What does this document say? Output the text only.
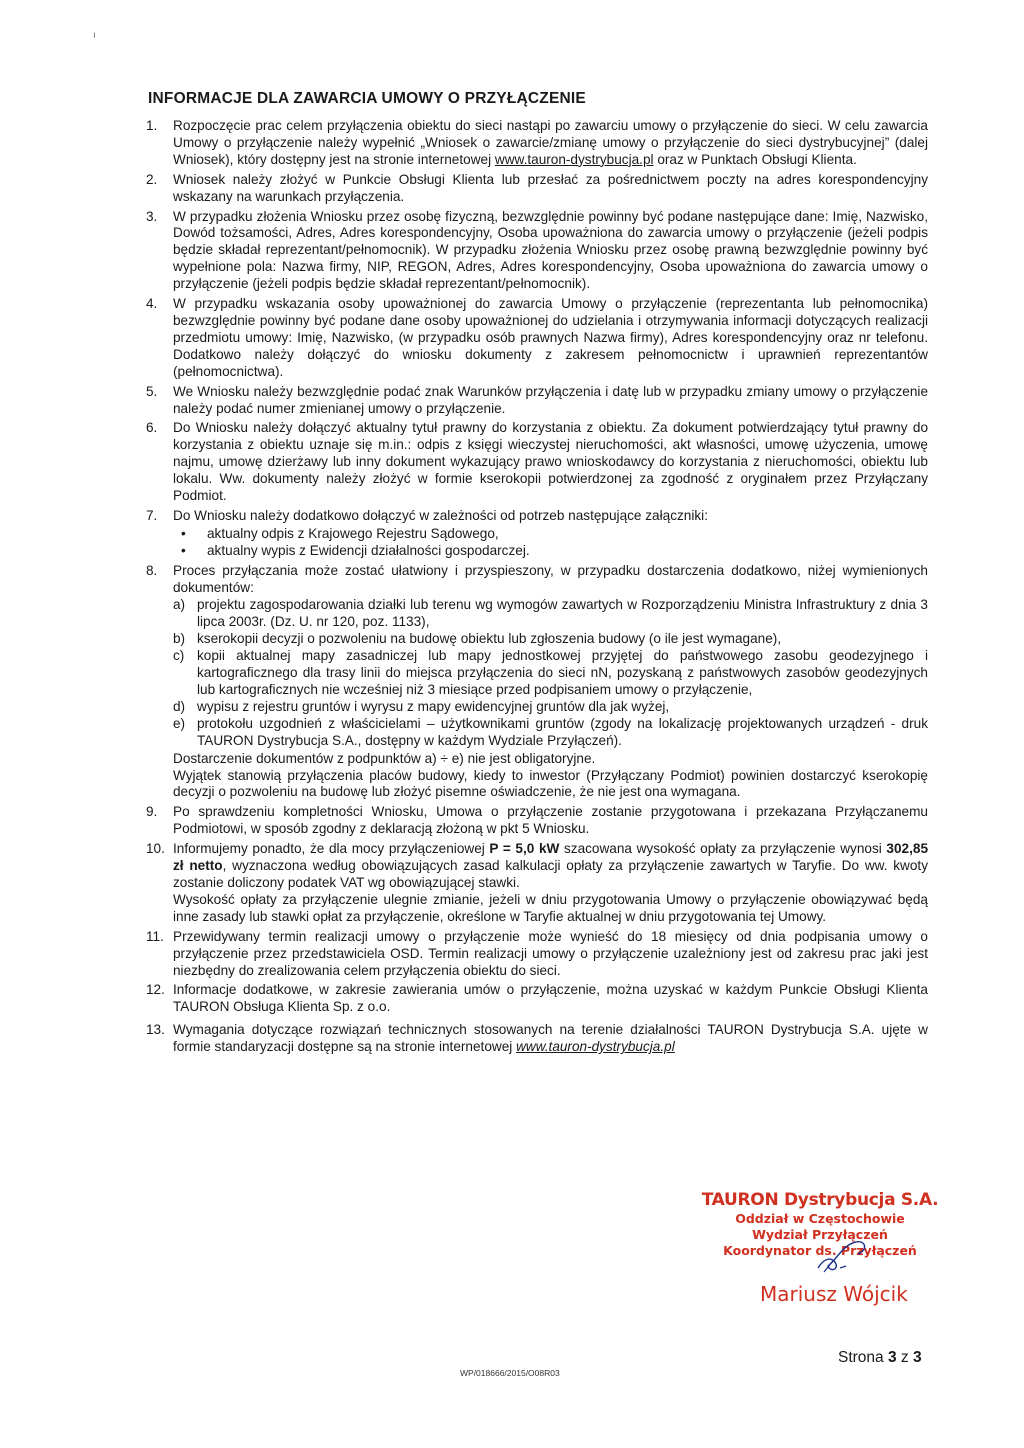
ı
INFORMACJE DLA ZAWARCIA UMOWY O PRZYŁĄCZENIE
1. Rozpoczęcie prac celem przyłączenia obiektu do sieci nastąpi po zawarciu umowy o przyłączenie do sieci. W celu zawarcia Umowy o przyłączenie należy wypełnić „Wniosek o zawarcie/zmianę umowy o przyłączenie do sieci dystrybucyjnej” (dalej Wniosek), który dostępny jest na stronie internetowej www.tauron-dystrybucja.pl oraz w Punktach Obsługi Klienta.

2. Wniosek należy złożyć w Punkcie Obsługi Klienta lub przesłać za pośrednictwem poczty na adres korespondencyjny wskazany na warunkach przyłączenia.

3. W przypadku złożenia Wniosku przez osobę fizyczną, bezwzględnie powinny być podane następujące dane: Imię, Nazwisko, Dowód tożsamości, Adres, Adres korespondencyjny, Osoba upoważniona do zawarcia umowy o przyłączenie (jeżeli podpis będzie składał reprezentant/pełnomocnik). W przypadku złożenia Wniosku przez osobę prawną bezwzględnie powinny być wypełnione pola: Nazwa firmy, NIP, REGON, Adres, Adres korespondencyjny, Osoba upoważniona do zawarcia umowy o przyłączenie (jeżeli podpis będzie składał reprezentant/pełnomocnik).

4. W przypadku wskazania osoby upoważnionej do zawarcia Umowy o przyłączenie (reprezentanta lub pełnomocnika) bezwzględnie powinny być podane dane osoby upoważnionej do udzielania i otrzymywania informacji dotyczących realizacji przedmiotu umowy: Imię, Nazwisko, (w przypadku osób prawnych Nazwa firmy), Adres korespondencyjny oraz nr telefonu. Dodatkowo należy dołączyć do wniosku dokumenty z zakresem pełnomocnictw i uprawnień reprezentantów (pełnomocnictwa).

5. We Wniosku należy bezwzględnie podać znak Warunków przyłączenia i datę lub w przypadku zmiany umowy o przyłączenie należy podać numer zmienianej umowy o przyłączenie.

6. Do Wniosku należy dołączyć aktualny tytuł prawny do korzystania z obiektu. Za dokument potwierdzający tytuł prawny do korzystania z obiektu uznaje się m.in.: odpis z księgi wieczystej nieruchomości, akt własności, umowę użyczenia, umowę najmu, umowę dzierżawy lub inny dokument wykazujący prawo wnioskodawcy do korzystania z nieruchomości, obiektu lub lokalu. Ww. dokumenty należy złożyć w formie kserokopii potwierdzonej za zgodność z oryginałem przez Przyłączany Podmiot.

7. Do Wniosku należy dodatkowo dołączyć w zależności od potrzeb następujące załączniki:

• aktualny odpis z Krajowego Rejestru Sądowego,
• aktualny wypis z Ewidencji działalności gospodarczej.
8. Proces przyłączania może zostać ułatwiony i przyspieszony, w przypadku dostarczenia dodatkowo, niżej wymienionych dokumentów:

a) projektu zagospodarowania działki lub terenu wg wymogów zawartych w Rozporządzeniu Ministra Infrastruktury z dnia 3 lipca 2003r. (Dz. U. nr 120, poz. 1133),
b) kserokopii decyzji o pozwoleniu na budowę obiektu lub zgłoszenia budowy (o ile jest wymagane),
c) kopii aktualnej mapy zasadniczej lub mapy jednostkowej przyjętej do państwowego zasobu geodezyjnego i kartograficznego dla trasy linii do miejsca przyłączenia do sieci nN, pozyskaną z państwowych zasobów geodezyjnych lub kartograficznych nie wcześniej niż 3 miesiące przed podpisaniem umowy o przyłączenie,
d) wypisu z rejestru gruntów i wyrysu z mapy ewidencyjnej gruntów dla jak wyżej,
e) protokołu uzgodnień z właścicielami – użytkownikami gruntów (zgody na lokalizację projektowanych urządzeń - druk TAURON Dystrybucja S.A., dostępny w każdym Wydziale Przyłączeń).

Dostarczenie dokumentów z podpunktów a) ÷ e) nie jest obligatoryjne.

Wyjątek stanowią przyłączenia placów budowy, kiedy to inwestor (Przyłączany Podmiot) powinien dostarczyć kserokopię decyzji o pozwoleniu na budowę lub złożyć pisemne oświadczenie, że nie jest ona wymagana.

9. Po sprawdzeniu kompletności Wniosku, Umowa o przyłączenie zostanie przygotowana i przekazana Przyłączanemu Podmiotowi, w sposób zgodny z deklaracją złożoną w pkt 5 Wniosku.

10. Informujemy ponadto, że dla mocy przyłączeniowej P = 5,0 kW szacowana wysokość opłaty za przyłączenie wynosi 302,85 zł netto, wyznaczona według obowiązujących zasad kalkulacji opłaty za przyłączenie zawartych w Taryfie. Do ww. kwoty zostanie doliczony podatek VAT wg obowiązującej stawki.

Wysokość opłaty za przyłączenie ulegnie zmianie, jeżeli w dniu przygotowania Umowy o przyłączenie obowiązywać będą inne zasady lub stawki opłat za przyłączenie, określone w Taryfie aktualnej w dniu przygotowania tej Umowy.

11. Przewidywany termin realizacji umowy o przyłączenie może wynieść do 18 miesięcy od dnia podpisania umowy o przyłączenie przez przedstawiciela OSD. Termin realizacji umowy o przyłączenie uzależniony jest od zakresu prac jaki jest niezbędny do zrealizowania celem przyłączenia obiektu do sieci.

12. Informacje dodatkowe, w zakresie zawierania umów o przyłączenie, można uzyskać w każdym Punkcie Obsługi Klienta TAURON Obsługa Klienta Sp. z o.o.

13. Wymagania dotyczące rozwiązań technicznych stosowanych na terenie działalności TAURON Dystrybucja S.A. ujęte w formie standaryzacji dostępne są na stronie internetowej www.tauron-dystrybucja.pl

TAURON Dystrybucja S.A.
Oddział w Częstochowie
Wydział Przyłączeń
Koordynator ds. Przyłączeń
Mariusz Wójcik
WP/018666/2015/O08R03
Strona 3 z 3
